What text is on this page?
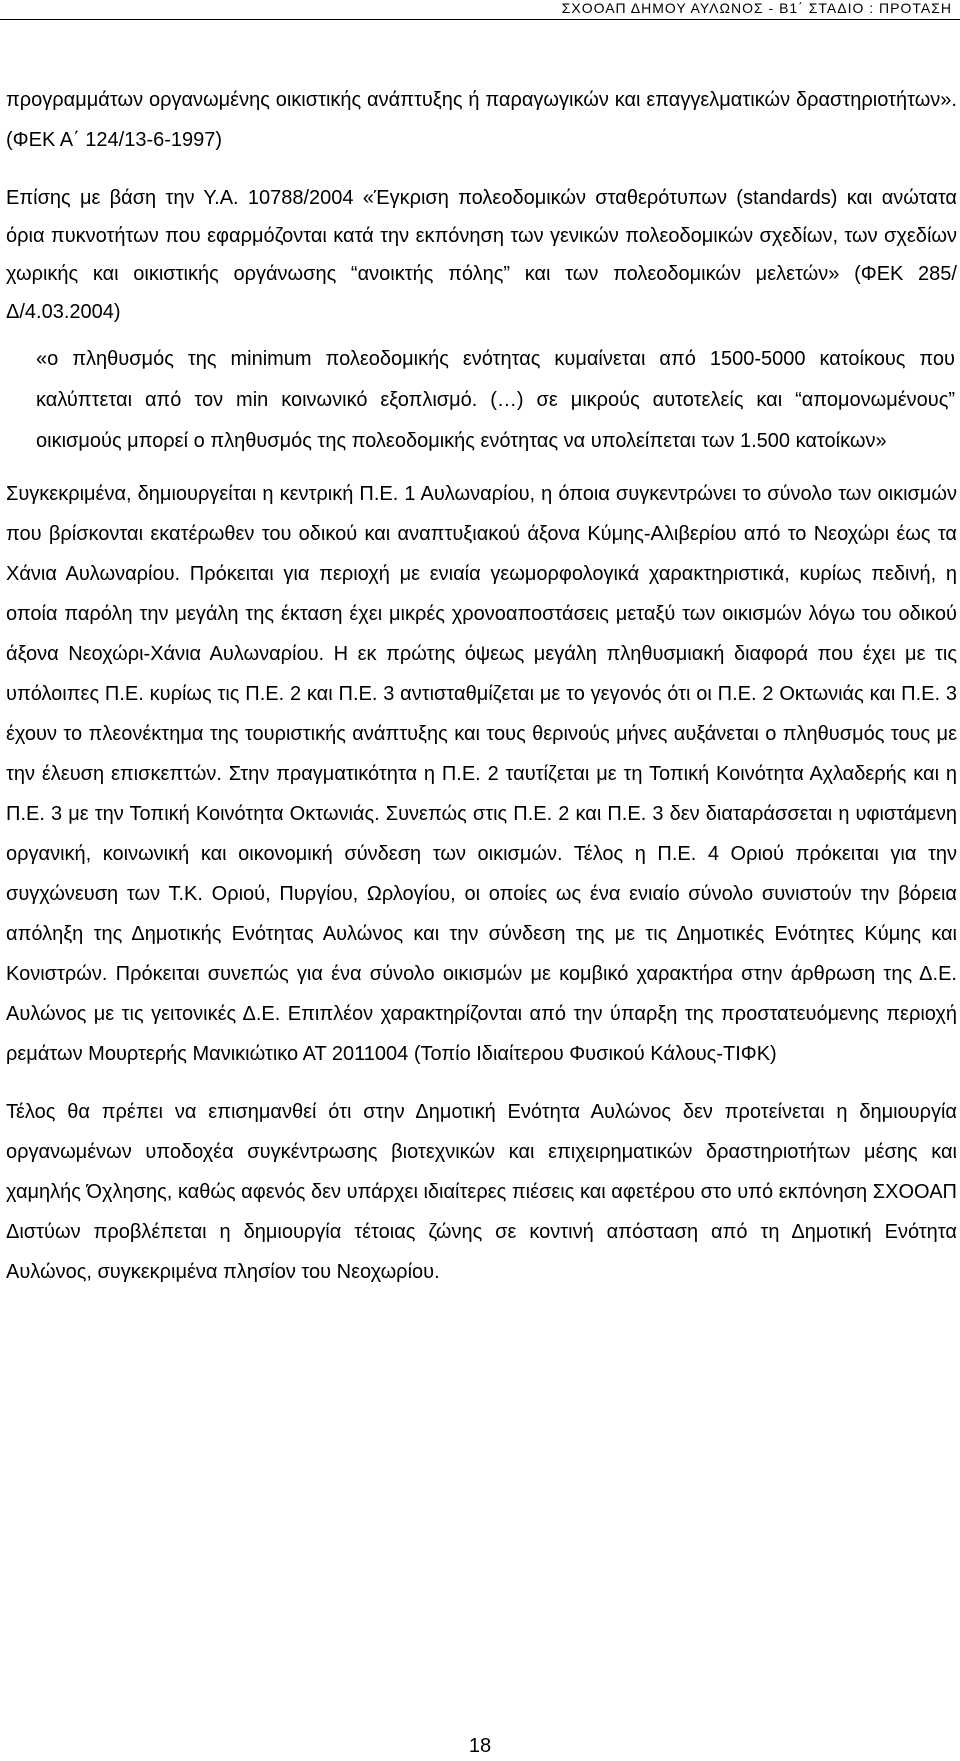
ΣΧΟΟΑΠ ΔΗΜΟΥ ΑΥΛΩΝΟΣ - Β1΄ ΣΤΑΔΙΟ : ΠΡΟΤΑΣΗ

προγραμμάτων οργανωμένης οικιστικής ανάπτυξης ή παραγωγικών και επαγγελματικών δραστηριοτήτων». (ΦΕΚ Α΄ 124/13-6-1997)

Επίσης με βάση την Υ.Α. 10788/2004 «Έγκριση πολεοδομικών σταθερότυπων (standards) και ανώτατα όρια πυκνοτήτων που εφαρμόζονται κατά την εκπόνηση των γενικών πολεοδομικών σχεδίων, των σχεδίων χωρικής και οικιστικής οργάνωσης “ανοικτής πόλης” και των πολεοδομικών μελετών» (ΦΕΚ 285/Δ/4.03.2004)

«ο πληθυσμός της minimum πολεοδομικής ενότητας κυμαίνεται από 1500-5000 κατοίκους που καλύπτεται από τον min κοινωνικό εξοπλισμό. (…) σε μικρούς αυτοτελείς και “απομονωμένους” οικισμούς μπορεί ο πληθυσμός της πολεοδομικής ενότητας να υπολείπεται των 1.500 κατοίκων»

Συγκεκριμένα, δημιουργείται η κεντρική Π.Ε. 1 Αυλωναρίου, η όποια συγκεντρώνει το σύνολο των οικισμών που βρίσκονται εκατέρωθεν του οδικού και αναπτυξιακού άξονα Κύμης-Αλιβερίου από το Νεοχώρι έως τα Χάνια Αυλωναρίου. Πρόκειται για περιοχή με ενιαία γεωμορφολογικά χαρακτηριστικά, κυρίως πεδινή, η οποία παρόλη την μεγάλη της έκταση έχει μικρές χρονοαποστάσεις μεταξύ των οικισμών λόγω του οδικού άξονα Νεοχώρι-Χάνια Αυλωναρίου. Η εκ πρώτης όψεως μεγάλη πληθυσμιακή διαφορά που έχει με τις υπόλοιπες Π.Ε. κυρίως τις Π.Ε. 2 και Π.Ε. 3 αντισταθμίζεται με το γεγονός ότι οι Π.Ε. 2 Οκτωνιάς και Π.Ε. 3 έχουν το πλεονέκτημα της τουριστικής ανάπτυξης και τους θερινούς μήνες αυξάνεται ο πληθυσμός τους με την έλευση επισκεπτών. Στην πραγματικότητα η Π.Ε. 2 ταυτίζεται με τη Τοπική Κοινότητα Αχλαδερής και η Π.Ε. 3 με την Τοπική Κοινότητα Οκτωνιάς. Συνεπώς στις Π.Ε. 2 και Π.Ε. 3 δεν διαταράσσεται η υφιστάμενη οργανική, κοινωνική και οικονομική σύνδεση των οικισμών. Τέλος η Π.Ε. 4 Οριού πρόκειται για την συγχώνευση των Τ.Κ. Οριού, Πυργίου, Ωρλογίου, οι οποίες ως ένα ενιαίο σύνολο συνιστούν την βόρεια απόληξη της Δημοτικής Ενότητας Αυλώνος και την σύνδεση της με τις Δημοτικές Ενότητες Κύμης και Κονιστρών. Πρόκειται συνεπώς για ένα σύνολο οικισμών με κομβικό χαρακτήρα στην άρθρωση της Δ.Ε. Αυλώνος με τις γειτονικές Δ.Ε. Επιπλέον χαρακτηρίζονται από την ύπαρξη της προστατευόμενης περιοχή ρεμάτων Μουρτερής Μανικιώτικο ΑΤ 2011004 (Τοπίο Ιδιαίτερου Φυσικού Κάλους-ΤΙΦΚ)

Τέλος θα πρέπει να επισημανθεί ότι στην Δημοτική Ενότητα Αυλώνος δεν προτείνεται η δημιουργία οργανωμένων υποδοχέα συγκέντρωσης βιοτεχνικών και επιχειρηματικών δραστηριοτήτων μέσης και χαμηλής Όχλησης, καθώς αφενός δεν υπάρχει ιδιαίτερες πιέσεις και αφετέρου στο υπό εκπόνηση ΣΧΟΟΑΠ Διστύων προβλέπεται η δημιουργία τέτοιας ζώνης σε κοντινή απόσταση από τη Δημοτική Ενότητα Αυλώνος, συγκεκριμένα πλησίον του Νεοχωρίου.

18
